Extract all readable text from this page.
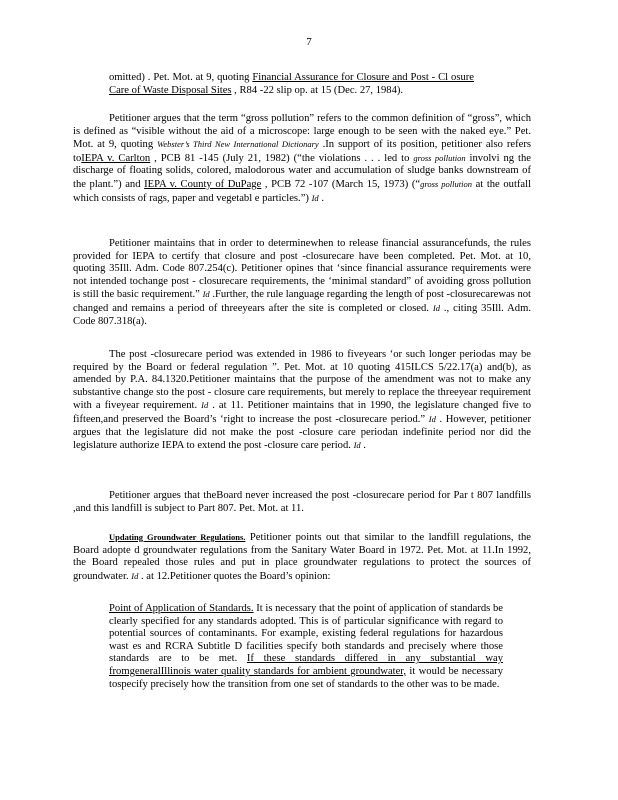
7

omitted) . Pet. Mot. at 9, quoting Financial Assurance for Closure and Post - Cl osure Care of Waste Disposal Sites , R84 -22 slip op. at 15 (Dec. 27, 1984).

Petitioner argues that the term “gross pollution” refers to the common definition of “gross”, which is defined as “visible without the aid of a microscope: large enough to be seen with the naked eye.” Pet. Mot. at 9, quoting Webster’s Third New International Dictionary .In support of its position, petitioner also refers toIEPA v. Carlton , PCB 81 -145 (July 21, 1982) (“the violations . . . led to gross pollution involvi ng the discharge of floating solids, colored, malodorous water and accumulation of sludge banks downstream of the plant.”) and IEPA v. County of DuPage , PCB 72 -107 (March 15, 1973) (“gross pollution at the outfall which consists of rags, paper and vegetabl e particles.”) Id .

Petitioner maintains that in order to determinewhen to release financial assurancefunds, the rules provided for IEPA to certify that closure and post -closurecare have been completed. Pet. Mot. at 10, quoting 35Ill. Adm. Code 807.254(c). Petitioner opines that ‘since financial assurance requirements were not intended tochange post - closurecare requirements, the ‘minimal standard” of avoiding gross pollution is still the basic requirement.” Id .Further, the rule language regarding the length of post -closurecarewas not changed and remains a period of threeyears after the site is completed or closed. Id ., citing 35Ill. Adm. Code 807.318(a).

The post -closurecare period was extended in 1986 to fiveyears ‘or such longer periodas may be required by the Board or federal regulation ”. Pet. Mot. at 10 quoting 415ILCS 5/22.17(a) and(b), as amended by P.A. 84.1320.Petitioner maintains that the purpose of the amendment was not to make any substantive change sto the post - closure care requirements, but merely to replace the threeyear requirement with a fiveyear requirement. Id . at 11. Petitioner maintains that in 1990, the legislature changed five to fifteen,and preserved the Board’s ‘right to increase the post -closurecare period.” Id . However, petitioner argues that the legislature did not make the post -closure care periodan indefinite period nor did the legislature authorize IEPA to extend the post -closure care period. Id .

Petitioner argues that theBoard never increased the post -closurecare period for Par t 807 landfills ,and this landfill is subject to Part 807. Pet. Mot. at 11.

Updating Groundwater Regulations. Petitioner points out that similar to the landfill regulations, the Board adopte d groundwater regulations from the Sanitary Water Board in 1972. Pet. Mot. at 11.In 1992, the Board repealed those rules and put in place groundwater regulations to protect the sources of groundwater. Id . at 12.Petitioner quotes the Board’s opinion:

Point of Application of Standards. It is necessary that the point of application of standards be clearly specified for any standards adopted. This is of particular significance with regard to potential sources of contaminants. For example, existing federal regulations for hazardous wast es and RCRA Subtitle D facilities specify both standards and precisely where those standards are to be met. If these standards differed in any substantial way fromgeneralIllinois water quality standards for ambient groundwater, it would be necessary tospecify precisely how the transition from one set of standards to the other was to be made.
